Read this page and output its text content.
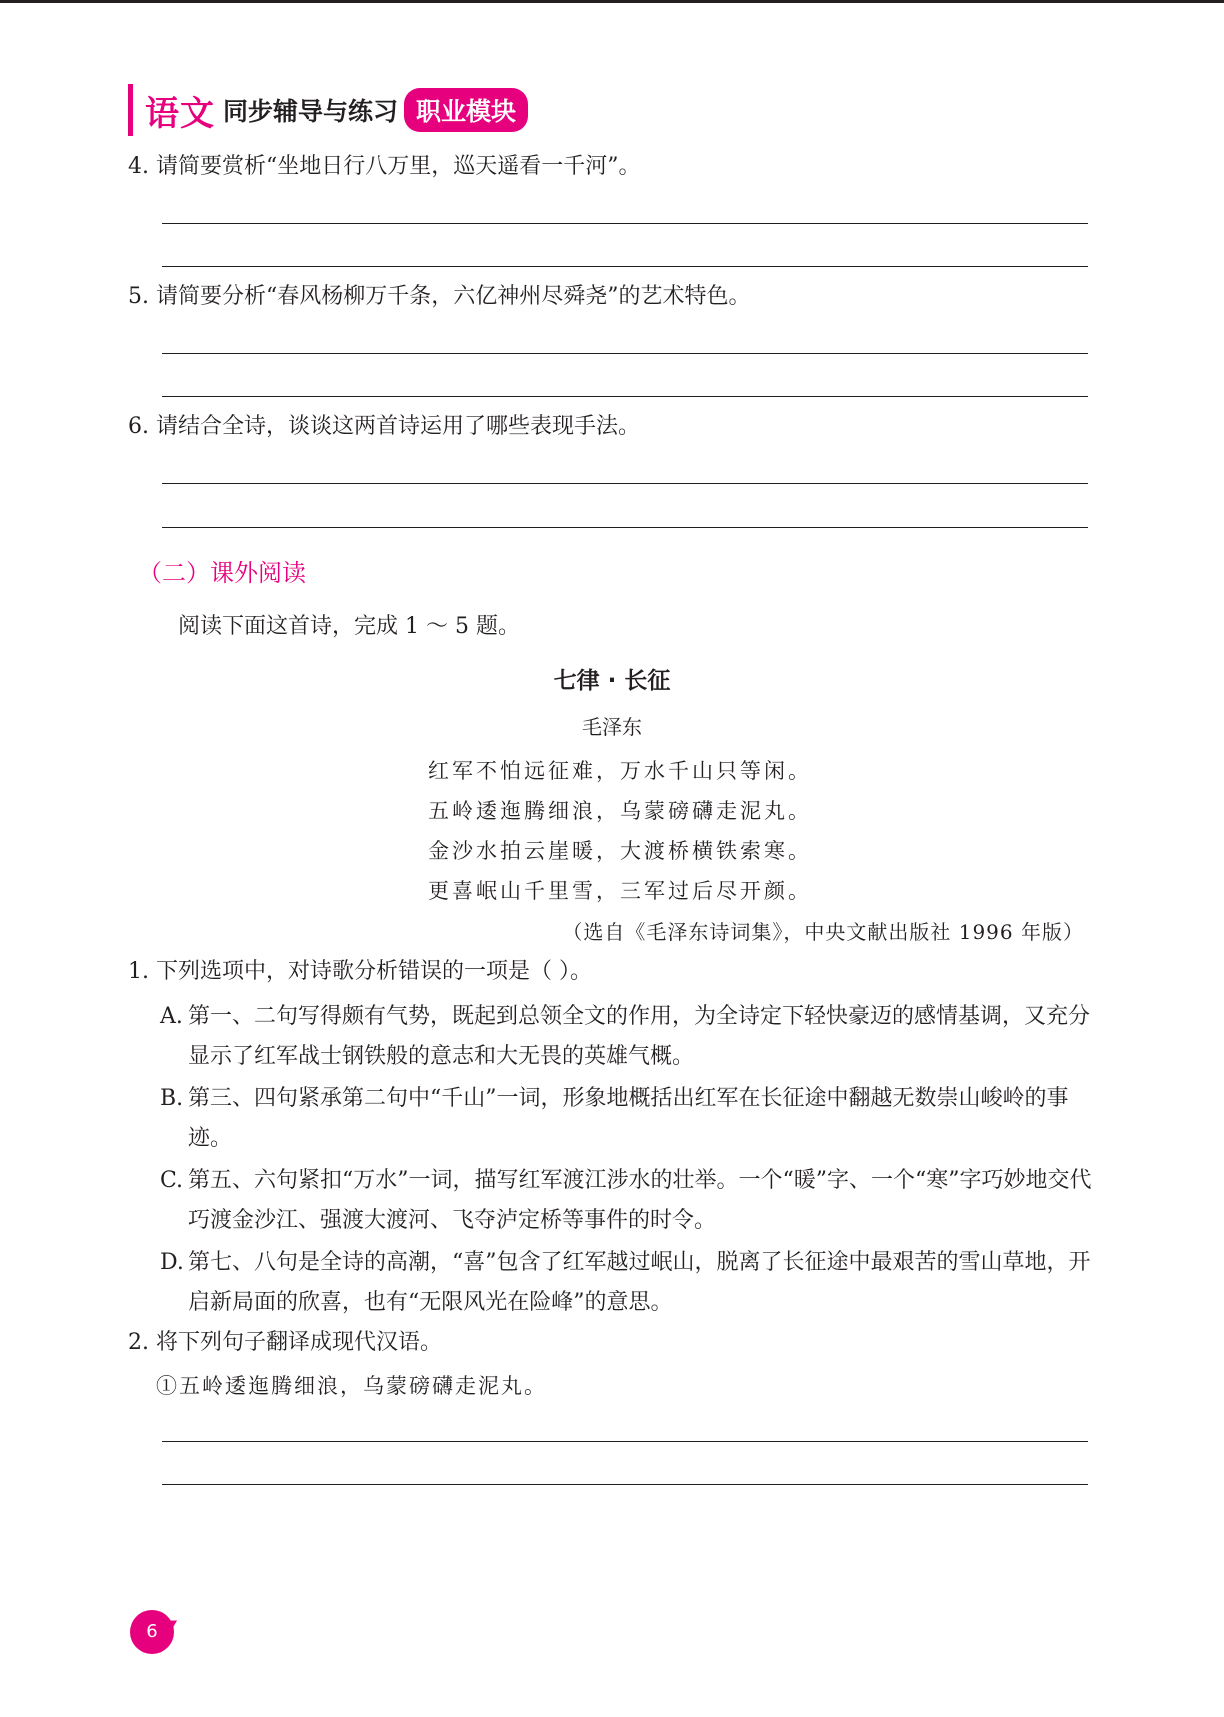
语文 同步辅导与练习 职业模块
4. 请简要赏析“坐地日行八万里，巡天遥看一千河”。
5. 请简要分析“春风杨柳万千条，六亿神州尽舜尧”的艺术特色。
6. 请结合全诗，谈谈这两首诗运用了哪些表现手法。
（二）课外阅读
阅读下面这首诗，完成 1 ～ 5 题。
七律 · 长征
毛泽东
红军不怕远征难，万水千山只等闲。
五岭逶迤腾细浪，乌蒙磅礴走泥丸。
金沙水拍云崖暖，大渡桥横铁索寒。
更喜岷山千里雪，三军过后尽开颜。
（选自《毛泽东诗词集》，中央文献出版社 1996 年版）
1. 下列选项中，对诗歌分析错误的一项是（ ）。
A. 第一、二句写得颇有气势，既起到总领全文的作用，为全诗定下轻快豪迈的感情基调，又充分显示了红军战士钢铁般的意志和大无畏的英雄气概。
B. 第三、四句紧承第二句中“千山”一词，形象地概括出红军在长征途中翻越无数崇山峻岭的事迹。
C. 第五、六句紧扣“万水”一词，描写红军渡江涉水的壮举。一个“暖”字、一个“寒”字巧妙地交代巧渡金沙江、强渡大渡河、飞夺泸定桥等事件的时令。
D. 第七、八句是全诗的高潮，“喜”包含了红军越过岷山，脱离了长征途中最艰苦的雪山草地，开启新局面的欣喜，也有“无限风光在险峰”的意思。
2. 将下列句子翻译成现代汉语。
①五岭逶迤腾细浪，乌蒙磅礴走泥丸。
6
